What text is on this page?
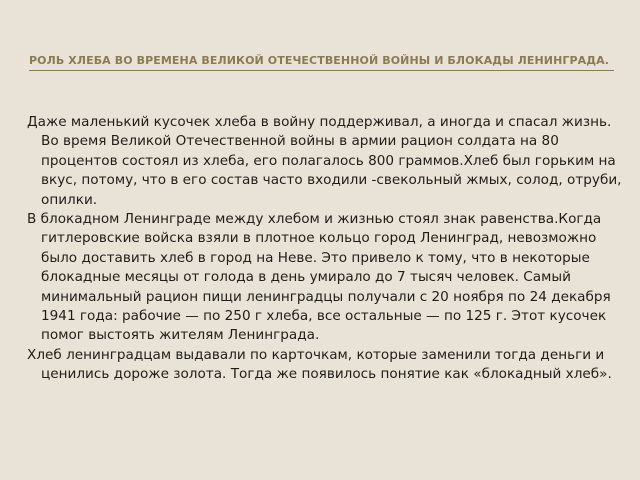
РОЛЬ ХЛЕБА ВО ВРЕМЕНА ВЕЛИКОЙ ОТЕЧЕСТВЕННОЙ ВОЙНЫ И БЛОКАДЫ ЛЕНИНГРАДА.

Даже маленький кусочек хлеба в войну поддерживал, а иногда и спасал жизнь. Во время Великой Отечественной войны в армии рацион солдата на 80 процентов состоял из хлеба, его полагалось 800 граммов.Хлеб был горьким на вкус, потому, что в его состав часто входили -свекольный жмых, солод, отруби, опилки.

В блокадном Ленинграде между хлебом и жизнью стоял знак равенства.Когда гитлеровские войска взяли в плотное кольцо город Ленинград, невозможно было доставить хлеб в город на Неве. Это привело к тому, что в некоторые блокадные месяцы от голода в день умирало до 7 тысяч человек. Самый минимальный рацион пищи ленинградцы получали с 20 ноября по 24 декабря 1941 года: рабочие — по 250 г хлеба, все остальные — по 125 г. Этот кусочек помог выстоять жителям Ленинграда.

Хлеб ленинградцам выдавали по карточкам, которые заменили тогда деньги и ценились дороже золота. Тогда же появилось понятие как «блокадный хлеб».
